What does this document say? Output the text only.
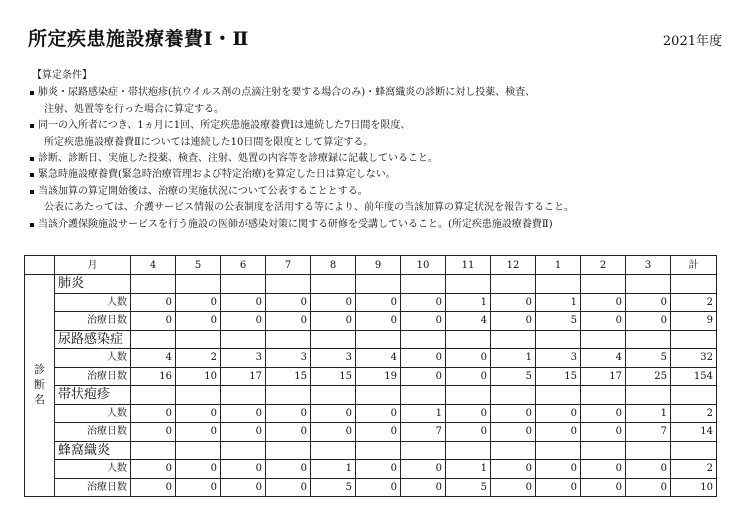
所定疾患施設療養費Ⅰ・Ⅱ	2021年度
【算定条件】
肺炎・尿路感染症・帯状疱疹(抗ウイルス剤の点滴注射を要する場合のみ)・蜂窩織炎の診断に対し投薬、検査、
注射、処置等を行った場合に算定する。
同一の入所者につき、1ヵ月に1回、所定疾患施設療養費Ⅰは連続した7日間を限度、
所定疾患施設療養費Ⅱについては連続した10日間を限度として算定する。
診断、診断日、実施した投薬、検査、注射、処置の内容等を診療録に記載していること。
緊急時施設療養費(緊急時治療管理および特定治療)を算定した日は算定しない。
当該加算の算定開始後は、治療の実施状況について公表することとする。
公表にあたっては、介護サービス情報の公表制度を活用する等により、前年度の当該加算の算定状況を報告すること。
当該介護保険施設サービスを行う施設の医師が感染対策に関する研修を受講していること。(所定疾患施設療養費Ⅱ)
	月	4	5	6	7	8	9	10	11	12	1	2	3	計

診
断
名	肺炎													
	人数	0	0	0	0	0	0	0	1	0	1	0	0	2
	治療日数	0	0	0	0	0	0	0	4	0	5	0	0	9
	尿路感染症													
	人数	4	2	3	3	3	4	0	0	1	3	4	5	32
	治療日数	16	10	17	15	15	19	0	0	5	15	17	25	154
	帯状疱疹													
	人数	0	0	0	0	0	0	1	0	0	0	0	1	2
	治療日数	0	0	0	0	0	0	7	0	0	0	0	7	14
	蜂窩織炎													
	人数	0	0	0	0	1	0	0	1	0	0	0	0	2
	治療日数	0	0	0	0	5	0	0	5	0	0	0	0	10
